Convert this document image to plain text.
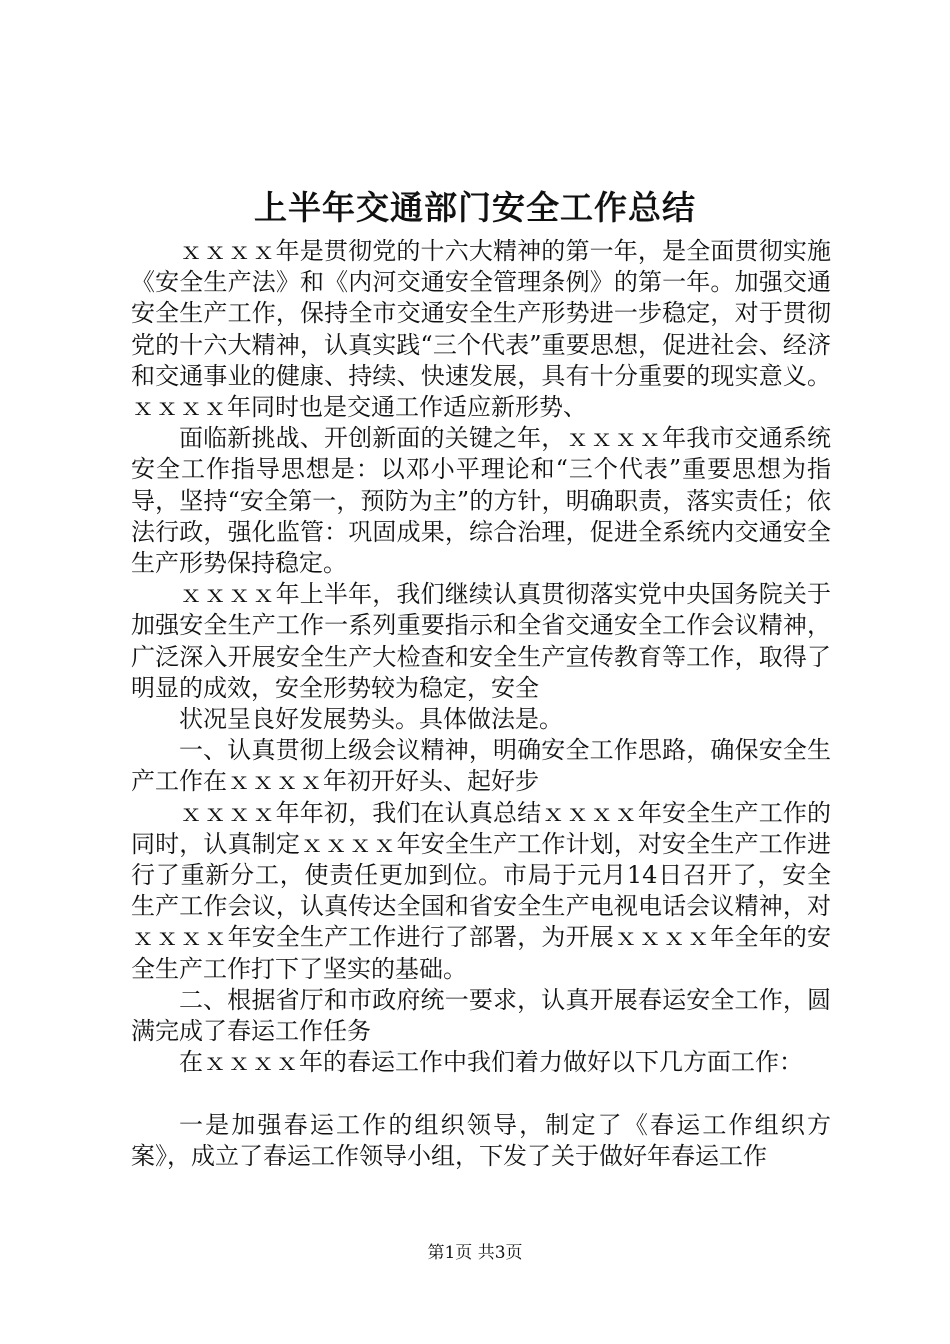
上半年交通部门安全工作总结

ｘｘｘｘ年是贯彻党的十六大精神的第一年，是全面贯彻实施《安全生产法》和《内河交通安全管理条例》的第一年。加强交通安全生产工作，保持全市交通安全生产形势进一步稳定，对于贯彻党的十六大精神，认真实践“三个代表”重要思想，促进社会、经济和交通事业的健康、持续、快速发展，具有十分重要的现实意义。ｘｘｘｘ年同时也是交通工作适应新形势、

面临新挑战、开创新面的关键之年，ｘｘｘｘ年我市交通系统安全工作指导思想是：以邓小平理论和“三个代表”重要思想为指导，坚持“安全第一，预防为主”的方针，明确职责，落实责任；依法行政，强化监管：巩固成果，综合治理，促进全系统内交通安全生产形势保持稳定。

ｘｘｘｘ年上半年，我们继续认真贯彻落实党中央国务院关于加强安全生产工作一系列重要指示和全省交通安全工作会议精神，广泛深入开展安全生产大检查和安全生产宣传教育等工作，取得了明显的成效，安全形势较为稳定，安全

状况呈良好发展势头。具体做法是。

一、认真贯彻上级会议精神，明确安全工作思路，确保安全生产工作在ｘｘｘｘ年初开好头、起好步

ｘｘｘｘ年年初，我们在认真总结ｘｘｘｘ年安全生产工作的同时，认真制定ｘｘｘｘ年安全生产工作计划，对安全生产工作进行了重新分工，使责任更加到位。市局于元月14日召开了，安全生产工作会议，认真传达全国和省安全生产电视电话会议精神，对ｘｘｘｘ年安全生产工作进行了部署，为开展ｘｘｘｘ年全年的安全生产工作打下了坚实的基础。

二、根据省厅和市政府统一要求，认真开展春运安全工作，圆满完成了春运工作任务

在ｘｘｘｘ年的春运工作中我们着力做好以下几方面工作：

一是加强春运工作的组织领导，制定了《春运工作组织方案》，成立了春运工作领导小组，下发了关于做好年春运工作

第1页 共3页
